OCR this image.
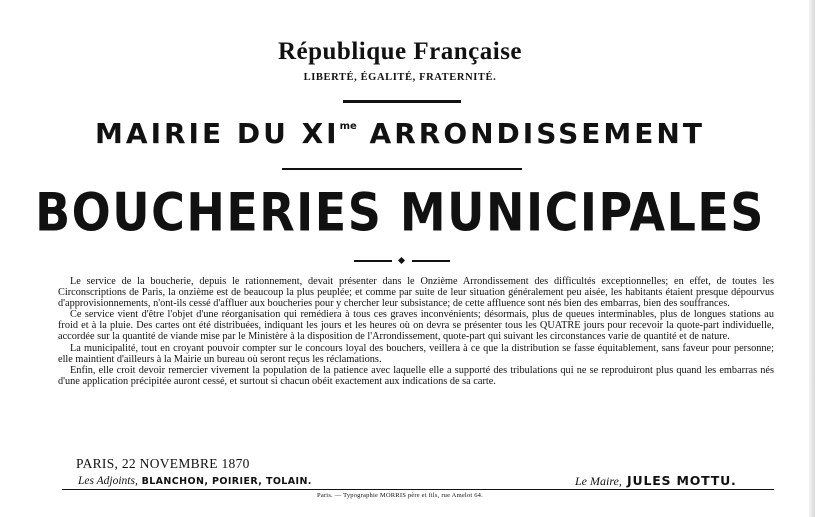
République Française
LIBERTÉ, ÉGALITÉ, FRATERNITÉ.
MAIRIE DU $XI^{me}$ ARRONDISSEMENT
BOUCHERIES MUNICIPALES

Le service de la boucherie, depuis le rationnement, devait présenter dans le Onzième Arrondissement des difficultés exceptionnelles; en effet, de toutes les Circonscriptions de Paris, la onzième est de beaucoup la plus peuplée; et comme par suite de leur situation généralement peu aisée, les habitants étaient presque dépourvus d'approvisionnements, n'ont-ils cessé d'affluer aux boucheries pour y chercher leur subsistance; de cette affluence sont nés bien des embarras, bien des souffrances.

Ce service vient d'être l'objet d'une réorganisation qui remédiera à tous ces graves inconvénients; désormais, plus de queues interminables, plus de longues stations au froid et à la pluie. Des cartes ont été distribuées, indiquant les jours et les heures où on devra se présenter tous les QUATRE jours pour recevoir la quote-part individuelle, accordée sur la quantité de viande mise par le Ministère à la disposition de l'Arrondissement, quote-part qui suivant les circonstances varie de quantité et de nature.

La municipalité, tout en croyant pouvoir compter sur le concours loyal des bouchers, veillera à ce que la distribution se fasse équitablement, sans faveur pour personne; elle maintient d'ailleurs à la Mairie un bureau où seront reçus les réclamations.

Enfin, elle croit devoir remercier vivement la population de la patience avec laquelle elle a supporté des tribulations qui ne se reproduiront plus quand les embarras nés d'une application précipitée auront cessé, et surtout si chacun obéit exactement aux indications de sa carte.

PARIS, 22 NOVEMBRE 1870
Les Adjoints, BLANCHON, POIRIER, TOLAIN.	Le Maire, JULES MOTTU.
Paris. — Typographie MORRIS père et fils, rue Amelot 64.
